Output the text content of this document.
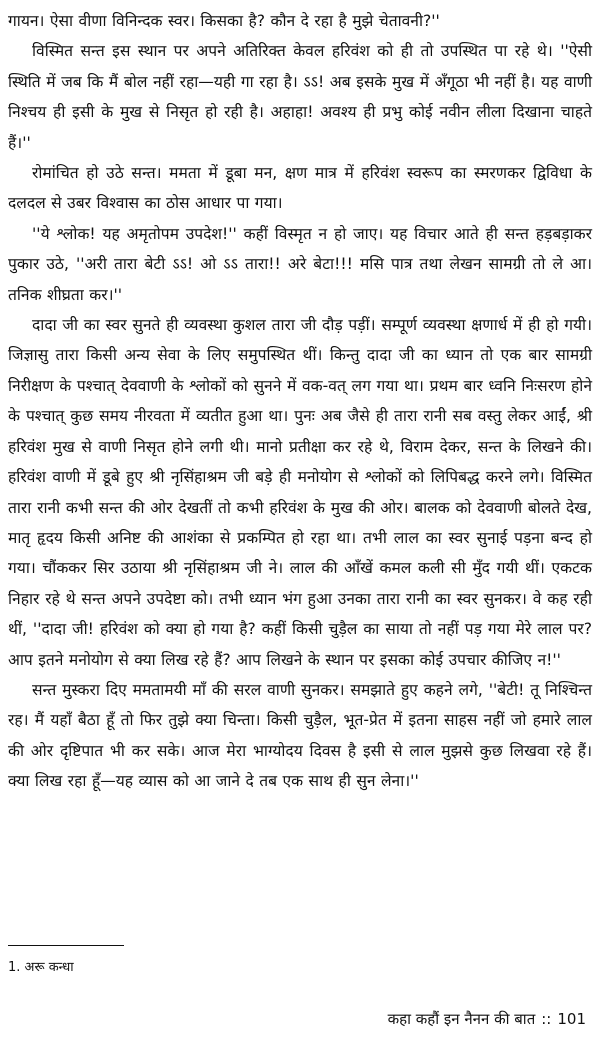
गायन। ऐसा वीणा विनिन्दक स्वर। किसका है? कौन दे रहा है मुझे चेतावनी?''

विस्मित सन्त इस स्थान पर अपने अतिरिक्त केवल हरिवंश को ही तो उपस्थित पा रहे थे। ''ऐसी स्थिति में जब कि मैं बोल नहीं रहा—यही गा रहा है। ऽऽ! अब इसके मुख में अँगूठा भी नहीं है। यह वाणी निश्चय ही इसी के मुख से निसृत हो रही है। अहाहा! अवश्य ही प्रभु कोई नवीन लीला दिखाना चाहते हैं।''

रोमांचित हो उठे सन्त। ममता में डूबा मन, क्षण मात्र में हरिवंश स्वरूप का स्मरणकर द्विविधा के दलदल से उबर विश्वास का ठोस आधार पा गया।

''ये श्लोक! यह अमृतोपम उपदेश!'' कहीं विस्मृत न हो जाए। यह विचार आते ही सन्त हड़बड़ाकर पुकार उठे, ''अरी तारा बेटी ऽऽ! ओ ऽऽ तारा!! अरे बेटा!!! मसि पात्र तथा लेखन सामग्री तो ले आ। तनिक शीघ्रता कर।''

दादा जी का स्वर सुनते ही व्यवस्था कुशल तारा जी दौड़ पड़ीं। सम्पूर्ण व्यवस्था क्षणार्ध में ही हो गयी। जिज्ञासु तारा किसी अन्य सेवा के लिए समुपस्थित थीं। किन्तु दादा जी का ध्यान तो एक बार सामग्री निरीक्षण के पश्चात् देववाणी के श्लोकों को सुनने में वक-वत् लग गया था। प्रथम बार ध्वनि निःसरण होने के पश्चात् कुछ समय नीरवता में व्यतीत हुआ था। पुनः अब जैसे ही तारा रानी सब वस्तु लेकर आईं, श्री हरिवंश मुख से वाणी निसृत होने लगी थी। मानो प्रतीक्षा कर रहे थे, विराम देकर, सन्त के लिखने की। हरिवंश वाणी में डूबे हुए श्री नृसिंहाश्रम जी बड़े ही मनोयोग से श्लोकों को लिपिबद्ध करने लगे। विस्मित तारा रानी कभी सन्त की ओर देखतीं तो कभी हरिवंश के मुख की ओर। बालक को देववाणी बोलते देख, मातृ हृदय किसी अनिष्ट की आशंका से प्रकम्पित हो रहा था। तभी लाल का स्वर सुनाई पड़ना बन्द हो गया। चौंककर सिर उठाया श्री नृसिंहाश्रम जी ने। लाल की आँखें कमल कली सी मुँद गयी थीं। एकटक निहार रहे थे सन्त अपने उपदेष्टा को। तभी ध्यान भंग हुआ उनका तारा रानी का स्वर सुनकर। वे कह रही थीं, ''दादा जी! हरिवंश को क्या हो गया है? कहीं किसी चुड़ैल का साया तो नहीं पड़ गया मेरे लाल पर? आप इतने मनोयोग से क्या लिख रहे हैं? आप लिखने के स्थान पर इसका कोई उपचार कीजिए न!''

सन्त मुस्करा दिए ममतामयी माँ की सरल वाणी सुनकर। समझाते हुए कहने लगे, ''बेटी! तू निश्चिन्त रह। मैं यहाँ बैठा हूँ तो फिर तुझे क्या चिन्ता। किसी चुड़ैल, भूत-प्रेत में इतना साहस नहीं जो हमारे लाल की ओर दृष्टिपात भी कर सके। आज मेरा भाग्योदय दिवस है इसी से लाल मुझसे कुछ लिखवा रहे हैं। क्या लिख रहा हूँ—यह व्यास को आ जाने दे तब एक साथ ही सुन लेना।''

1. अरू कन्धा

कहा कहौं इन नैनन की बात :: 101
